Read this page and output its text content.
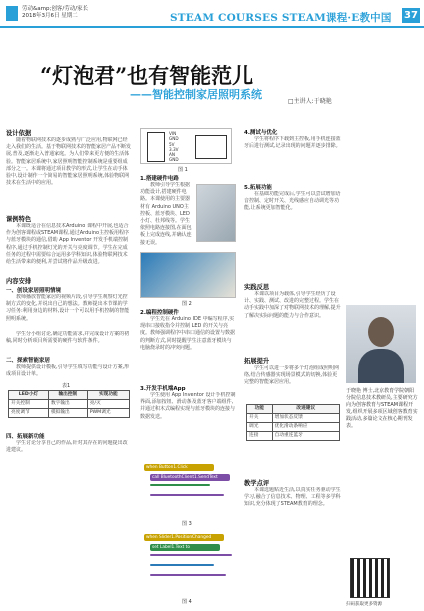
劳动&amp;创客/劳动/家长
2018年3月6日 星期二	STEAM COURSES STEAM课程·E教中国 37
“灯泡君”也有智能范儿
——智能控制家居照明系统
□主讲人:于晓艳
设计依据

随着物联网技术的逐步成熟与广泛应用,物联网已经走入我们的生活。基于物联网技术的智能家居产品不断发展,普及,逐渐走入普通家庭。为人们带来更方便的生活体验。智能家居系统中,家居照明智能控制系统是重要组成部分之一。本课将通过项目教学的形式,让学生在动手体验中,设计制作一个简易的智能家居照明系统,体验物联网技术在生活中的应用。

课例特色

本课既适合在信息技术Arduino 课程中开展,也适合作为创客课程或STEAM课程,通过Arduino主控板用程序与蓝牙模块的通信,借助 App Inventor 开发手机端控制程序,通过手机控制灯光的开关与亮度调节。学生在完成任务的过程中需要综合运用多学科知识,体验物联网技术给生活带来的便利,并尝试将作品升级改进。

内容安排
一、创设家居照明情境

教师播放智能家居的视频片段,引导学生观察灯光控制方式的变化,并说出自己的想法。教师提出本节课的学习任务:利用身边的材料,设计一个可以用手机控制的智能照明系统。

学生分小组讨论,确定功能需求,并完成设计方案的初稿,同时分析项目所需要的硬件与软件条件。

二、探索智能家居

教师提供设计模板,引导学生填写功能与设计方案,形成项目设计单。

表1
LED小灯	输出控制	实现功能
开关控制	数字输出	亮/灭
亮度调节	模拟输出	PWM调光
四、拓展新功能

学生讨论分享自己的作品,针对其存在的问题提出改进建议。

VIN
GND
5V
3.3V
AN
GND
图 1
1.搭建硬件电路

教师引导学生根据功能设计,搭建硬件电路。本课使用的主要器材有 Arduino UNO主控板、蓝牙模块、LED小灯、杜邦线等。学生依照电路连接图,在面包板上完成连线,并确认连接无误。

图 2
2.编程控制硬件

学生先在 Arduino IDE 中编写程序,实现串口接收指令并控制 LED 的开关与亮度。教师强调程序中串口通信的设置与数据的判断方式,同时提醒学生注意蓝牙模块与电脑烧录时的冲突问题。

3.开发手机端App

学生使用 App Inventor 设计手机控制界面,添加按钮、滑动条及蓝牙客户端组件,并通过积木式编程实现与蓝牙模块的连接与数据发送。

when Button1.Click
call BluetoothClient1.SendText
图 3
when Slider1.PositionChanged
set Label1.Text to
图 4
4.测试与优化

学生将程序下载到主控板,用手机连接蓝牙后进行测试,记录出现的问题并逐步排除。

5.拓展功能

在基础功能完成后,学生可以尝试增加语音控制、定时开关、光线感应自动调光等功能,让系统更加智能化。

实践反思

本课以项目为载体,引导学生经历了设计、实践、测试、改进的完整过程。学生在动手实践中加深了对物联网技术的理解,提升了解决实际问题的能力与合作意识。

拓展提升

学生可以进一步将多个灯泡组成照明网络,结合传感器实现场景模式的切换,体验更完整的智能家居应用。

功能	改进建议
开关	增加状态反馈
调光	优化滑动条响应
连接	自动重连蓝牙
教学点评

本课选题贴近生活,以真实任务驱动学生学习,融合了信息技术、物理、工程等多学科知识,充分体现了STEAM教育的理念。

于晓艳 博士,北京教育学院朝阳分院信息技术教研员,主要研究方向为创客教育与STEAM课程开发,组织开展多项区域创客教育实践活动,多篇论文在核心期刊发表。
扫码获取更多资源
